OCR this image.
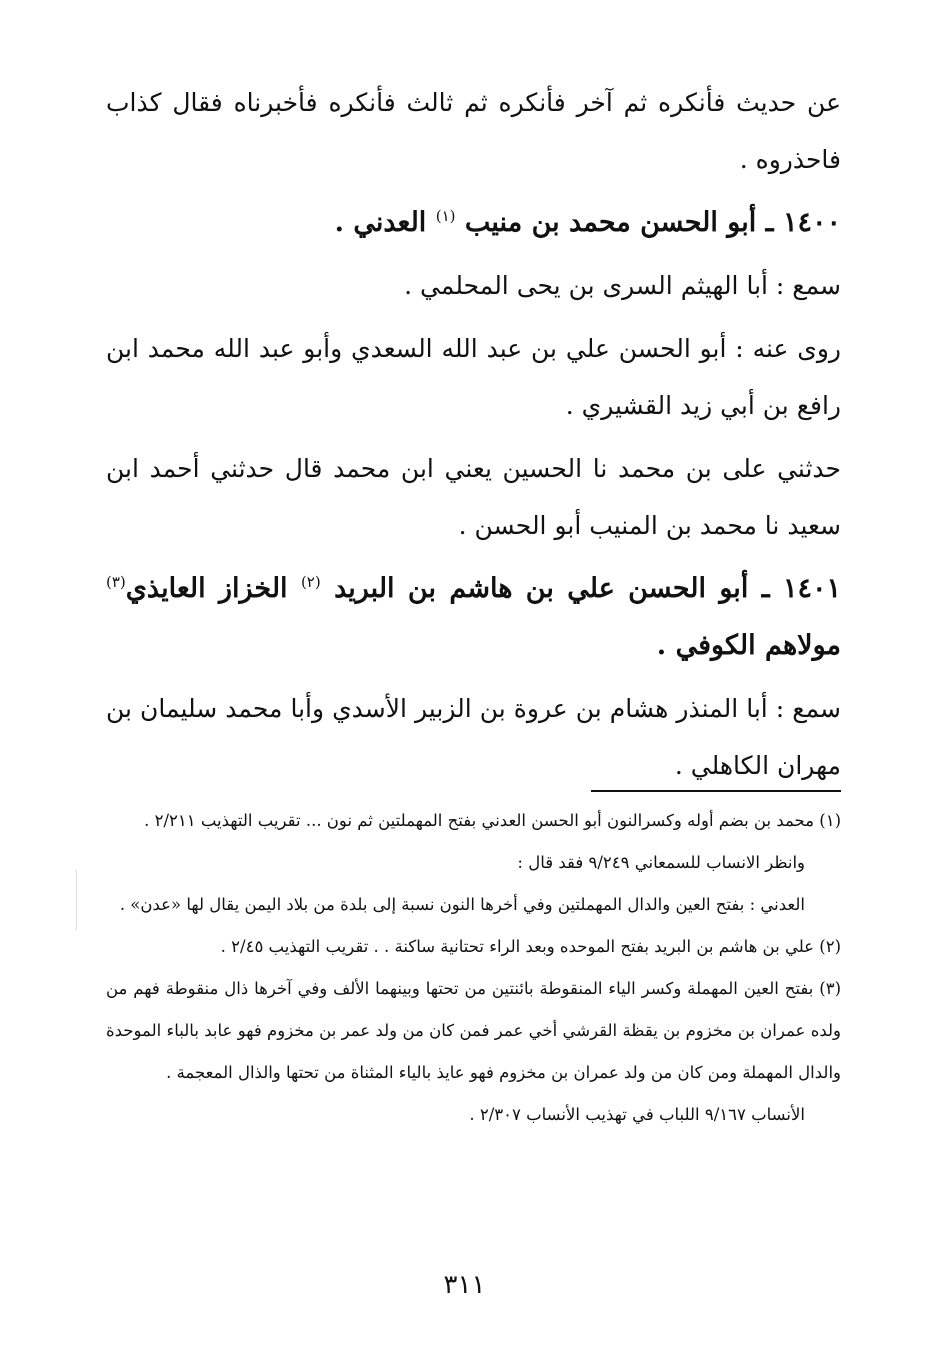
عن حديث فأنكره ثم آخر فأنكره ثم ثالث فأنكره فأخبرناه فقال كذاب فاحذروه .

١٤٠٠ ـ أبو الحسن محمد بن منيب $^{(١)}$ العدني .

سمع : أبا الهيثم السرى بن يحى المحلمي .

روى عنه : أبو الحسن علي بن عبد الله السعدي وأبو عبد الله محمد ابن رافع بن أبي زيد القشيري .

حدثني على بن محمد نا الحسين يعني ابن محمد قال حدثني أحمد ابن سعيد نا محمد بن المنيب أبو الحسن .

١٤٠١ ـ أبو الحسن علي بن هاشم بن البريد $^{(٢)}$ الخزاز العايذي$^{(٣)}$ مولاهم الكوفي .

سمع : أبا المنذر هشام بن عروة بن الزبير الأسدي وأبا محمد سليمان بن مهران الكاهلي .

(١) محمد بن بضم أوله وكسرالنون أبو الحسن العدني بفتح المهملتين ثم نون ... تقريب التهذيب ٢/٢١١ .

وانظر الانساب للسمعاني ٩/٢٤٩ فقد قال :

العدني : بفتح العين والدال المهملتين وفي أخرها النون نسبة إلى بلدة من بلاد اليمن يقال لها «عدن» .

(٢) علي بن هاشم بن البريد بفتح الموحده وبعد الراء تحتانية ساكنة . . تقريب التهذيب ٢/٤٥ .

(٣) بفتح العين المهملة وكسر الياء المنقوطة بائنتين من تحتها وبينهما الألف وفي آخرها ذال منقوطة فهم من ولده عمران بن مخزوم بن يقظة القرشي أخي عمر فمن كان من ولد عمر بن مخزوم فهو عابد بالباء الموحدة والدال المهملة ومن كان من ولد عمران بن مخزوم فهو عايذ بالياء المثناة من تحتها والذال المعجمة .

الأنساب ٩/١٦٧ اللباب في تهذيب الأنساب ٢/٣٠٧ .

٣١١
